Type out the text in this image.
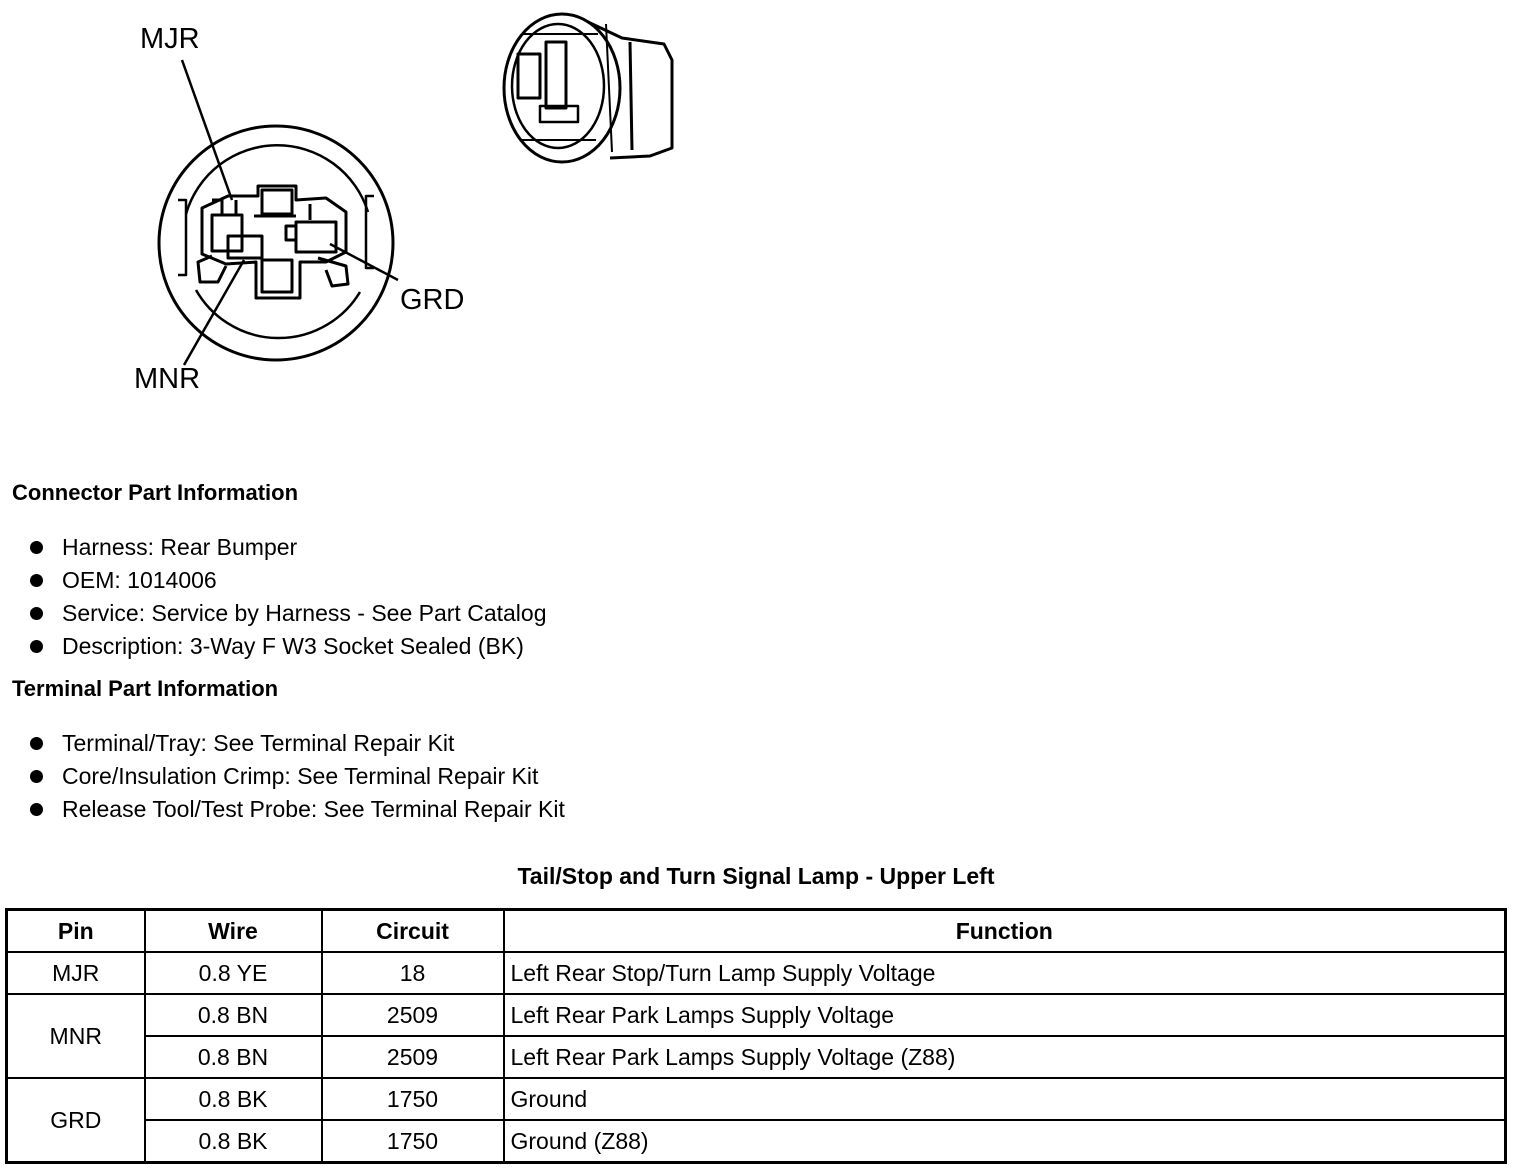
MJR
GRD
MNR
Connector Part Information
Harness: Rear Bumper
OEM: 1014006
Service: Service by Harness - See Part Catalog
Description: 3-Way F W3 Socket Sealed (BK)
Terminal Part Information
Terminal/Tray: See Terminal Repair Kit
Core/Insulation Crimp: See Terminal Repair Kit
Release Tool/Test Probe: See Terminal Repair Kit
Tail/Stop and Turn Signal Lamp - Upper Left
Pin	Wire	Circuit	Function
MJR	0.8 YE	18	Left Rear Stop/Turn Lamp Supply Voltage
MNR	0.8 BN	2509	Left Rear Park Lamps Supply Voltage
	0.8 BN	2509	Left Rear Park Lamps Supply Voltage (Z88)
GRD	0.8 BK	1750	Ground
	0.8 BK	1750	Ground (Z88)
